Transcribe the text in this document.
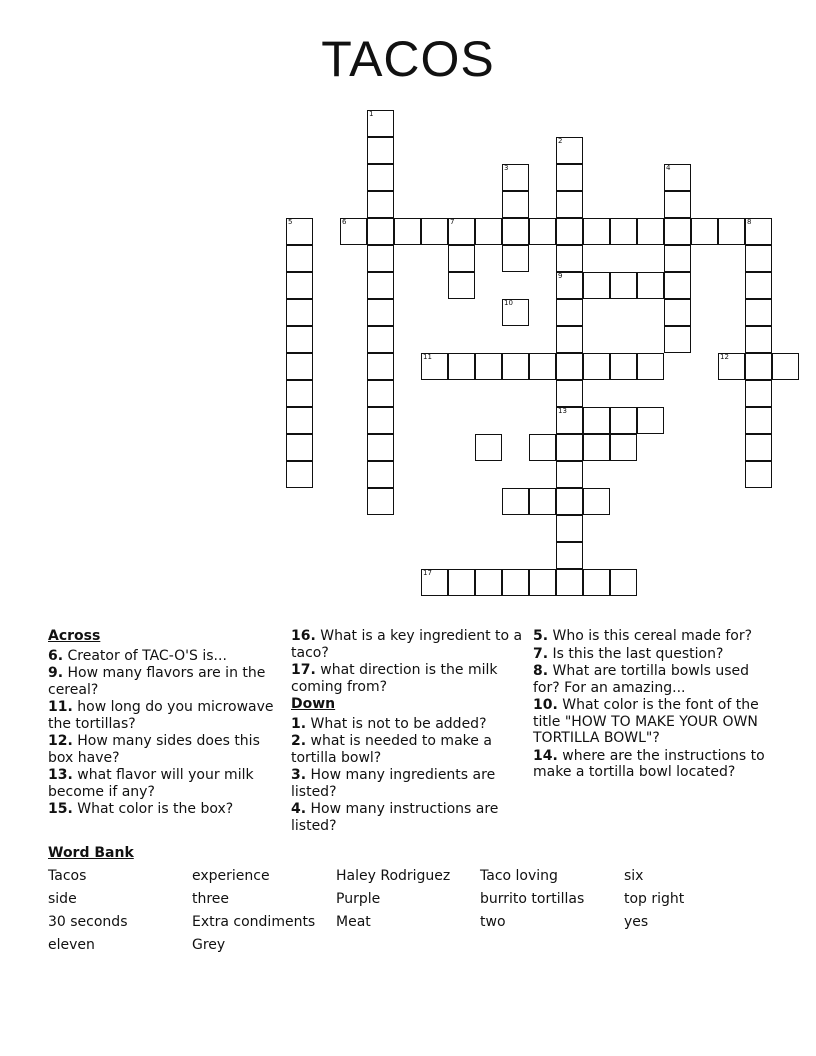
TACOS
1
2
9
13
3	4
5	6	7	8
10
11	12
17
Across
6. Creator of TAC-O'S is...
9. How many flavors are in the cereal?
11. how long do you microwave the tortillas?
12. How many sides does this box have?
13. what flavor will your milk become if any?
15. What color is the box?
16. What is a key ingredient to a taco?
17. what direction is the milk coming from?
Down
1. What is not to be added?
2. what is needed to make a tortilla bowl?
3. How many ingredients are listed?
4. How many instructions are listed?
5. Who is this cereal made for?
7. Is this the last question?
8. What are tortilla bowls used for? For an amazing...
10. What color is the font of the title "HOW TO MAKE YOUR OWN TORTILLA BOWL"?
14. where are the instructions to make a tortilla bowl located?
Word Bank
Tacos	experience	Haley Rodriguez	Taco loving	six
side	three	Purple	burrito tortillas	top right
30 seconds	Extra condiments	Meat	two	yes
eleven	Grey
